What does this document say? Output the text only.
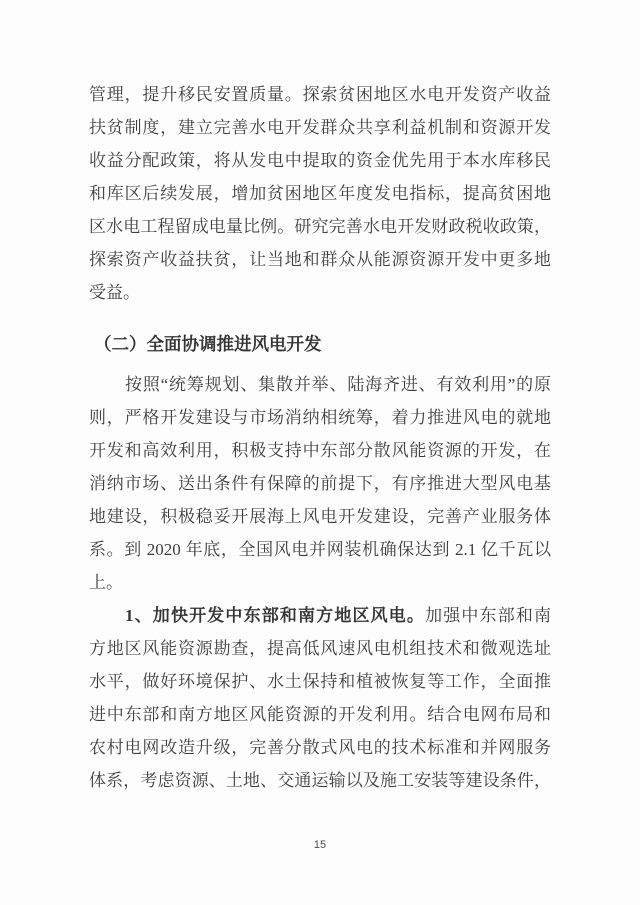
管理，提升移民安置质量。探索贫困地区水电开发资产收益
扶贫制度，建立完善水电开发群众共享利益机制和资源开发
收益分配政策，将从发电中提取的资金优先用于本水库移民
和库区后续发展，增加贫困地区年度发电指标，提高贫困地
区水电工程留成电量比例。研究完善水电开发财政税收政策，
探索资产收益扶贫，让当地和群众从能源资源开发中更多地
受益。
（二）全面协调推进风电开发
按照“统筹规划、集散并举、陆海齐进、有效利用”的原
则，严格开发建设与市场消纳相统筹，着力推进风电的就地
开发和高效利用，积极支持中东部分散风能资源的开发，在
消纳市场、送出条件有保障的前提下，有序推进大型风电基
地建设，积极稳妥开展海上风电开发建设，完善产业服务体
系。到 2020 年底，全国风电并网装机确保达到 2.1 亿千瓦以
上。
1、加快开发中东部和南方地区风电。加强中东部和南
方地区风能资源勘查，提高低风速风电机组技术和微观选址
水平，做好环境保护、水土保持和植被恢复等工作，全面推
进中东部和南方地区风能资源的开发利用。结合电网布局和
农村电网改造升级，完善分散式风电的技术标准和并网服务
体系，考虑资源、土地、交通运输以及施工安装等建设条件，
15
